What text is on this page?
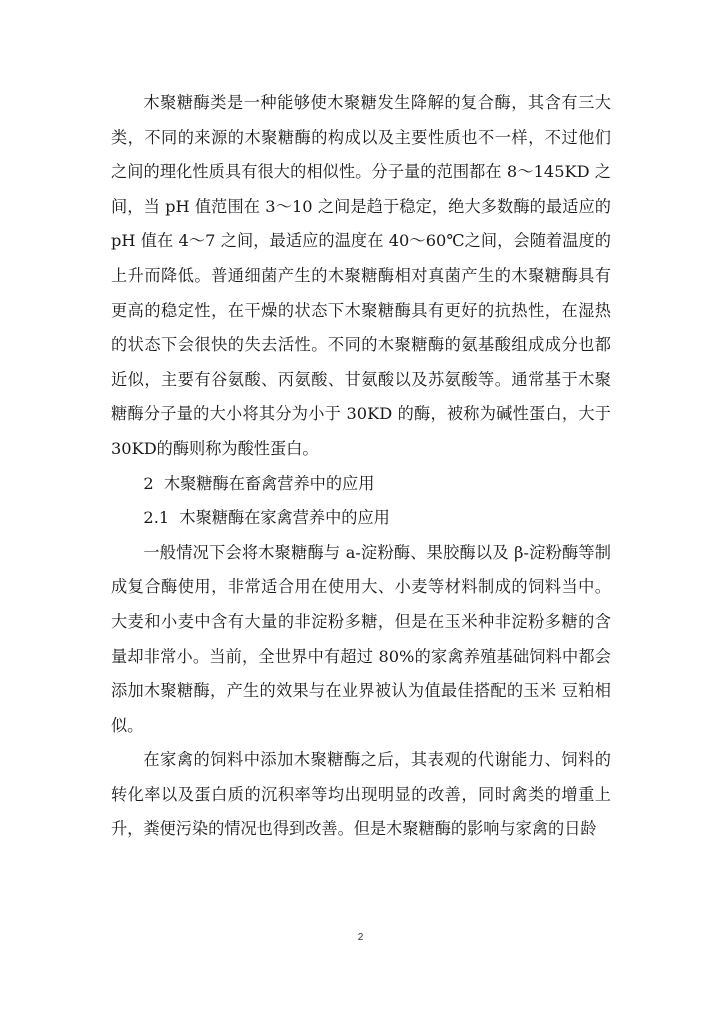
木聚糖酶类是一种能够使木聚糖发生降解的复合酶，其含有三大类，不同的来源的木聚糖酶的构成以及主要性质也不一样，不过他们之间的理化性质具有很大的相似性。分子量的范围都在 8～145KD 之间，当 pH 值范围在 3～10 之间是趋于稳定，绝大多数酶的最适应的pH 值在 4～7 之间，最适应的温度在 40～60℃之间，会随着温度的上升而降低。普通细菌产生的木聚糖酶相对真菌产生的木聚糖酶具有更高的稳定性，在干燥的状态下木聚糖酶具有更好的抗热性，在湿热的状态下会很快的失去活性。不同的木聚糖酶的氨基酸组成成分也都近似，主要有谷氨酸、丙氨酸、甘氨酸以及苏氨酸等。通常基于木聚糖酶分子量的大小将其分为小于 30KD 的酶，被称为碱性蛋白，大于 30KD的酶则称为酸性蛋白。

2  木聚糖酶在畜禽营养中的应用

2.1  木聚糖酶在家禽营养中的应用

一般情况下会将木聚糖酶与 a-淀粉酶、果胶酶以及 β-淀粉酶等制成复合酶使用，非常适合用在使用大、小麦等材料制成的饲料当中。大麦和小麦中含有大量的非淀粉多糖，但是在玉米种非淀粉多糖的含量却非常小。当前，全世界中有超过 80%的家禽养殖基础饲料中都会添加木聚糖酶，产生的效果与在业界被认为值最佳搭配的玉米 豆粕相似。

在家禽的饲料中添加木聚糖酶之后，其表观的代谢能力、饲料的转化率以及蛋白质的沉积率等均出现明显的改善，同时禽类的增重上升，粪便污染的情况也得到改善。但是木聚糖酶的影响与家禽的日龄

2
